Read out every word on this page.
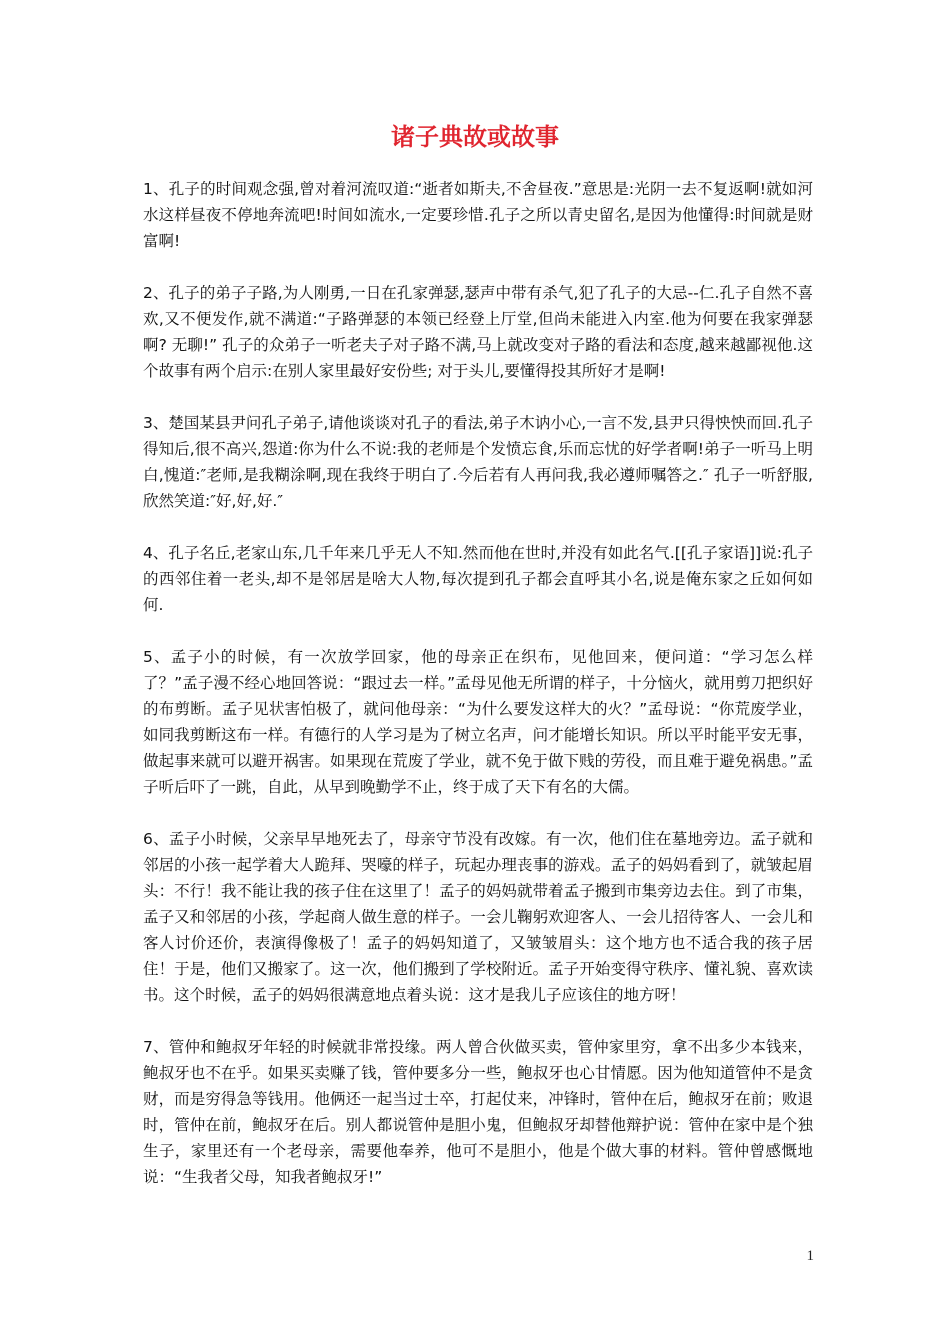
诸子典故或故事

1、孔子的时间观念强,曾对着河流叹道:“逝者如斯夫,不舍昼夜.”意思是:光阴一去不复返啊!就如河水这样昼夜不停地奔流吧!时间如流水,一定要珍惜.孔子之所以青史留名,是因为他懂得:时间就是财富啊!

2、孔子的弟子子路,为人刚勇,一日在孔家弹瑟,瑟声中带有杀气,犯了孔子的大忌--仁.孔子自然不喜欢,又不便发作,就不满道:“子路弹瑟的本领已经登上厅堂,但尚未能进入内室.他为何要在我家弹瑟啊? 无聊!” 孔子的众弟子一听老夫子对子路不满,马上就改变对子路的看法和态度,越来越鄙视他.这个故事有两个启示:在别人家里最好安份些; 对于头儿,要懂得投其所好才是啊!

3、楚国某县尹问孔子弟子,请他谈谈对孔子的看法,弟子木讷小心,一言不发,县尹只得怏怏而回.孔子得知后,很不高兴,怨道:你为什么不说:我的老师是个发愤忘食,乐而忘忧的好学者啊!弟子一听马上明白,愧道:″老师,是我糊涂啊,现在我终于明白了.今后若有人再问我,我必遵师嘱答之.″ 孔子一听舒服,欣然笑道:″好,好,好.″

4、孔子名丘,老家山东,几千年来几乎无人不知.然而他在世时,并没有如此名气.[[孔子家语]]说:孔子的西邻住着一老头,却不是邻居是啥大人物,每次提到孔子都会直呼其小名,说是俺东家之丘如何如何.

5、孟子小的时候，有一次放学回家，他的母亲正在织布，见他回来，便问道：“学习怎么样了？”孟子漫不经心地回答说：“跟过去一样。”孟母见他无所谓的样子，十分恼火，就用剪刀把织好的布剪断。孟子见状害怕极了，就问他母亲：“为什么要发这样大的火？”孟母说：“你荒废学业，如同我剪断这布一样。有德行的人学习是为了树立名声，问才能增长知识。所以平时能平安无事，做起事来就可以避开祸害。如果现在荒废了学业，就不免于做下贱的劳役，而且难于避免祸患。”孟子听后吓了一跳，自此，从早到晚勤学不止，终于成了天下有名的大儒。

6、孟子小时候，父亲早早地死去了，母亲守节没有改嫁。有一次，他们住在墓地旁边。孟子就和邻居的小孩一起学着大人跪拜、哭嚎的样子，玩起办理丧事的游戏。孟子的妈妈看到了，就皱起眉头：不行！我不能让我的孩子住在这里了！孟子的妈妈就带着孟子搬到市集旁边去住。到了市集，孟子又和邻居的小孩，学起商人做生意的样子。一会儿鞠躬欢迎客人、一会儿招待客人、一会儿和客人讨价还价，表演得像极了！孟子的妈妈知道了，又皱皱眉头：这个地方也不适合我的孩子居住！于是，他们又搬家了。这一次，他们搬到了学校附近。孟子开始变得守秩序、懂礼貌、喜欢读书。这个时候，孟子的妈妈很满意地点着头说：这才是我儿子应该住的地方呀！

7、管仲和鲍叔牙年轻的时候就非常投缘。两人曾合伙做买卖，管仲家里穷，拿不出多少本钱来，鲍叔牙也不在乎。如果买卖赚了钱，管仲要多分一些，鲍叔牙也心甘情愿。因为他知道管仲不是贪财，而是穷得急等钱用。他俩还一起当过士卒，打起仗来，冲锋时，管仲在后，鲍叔牙在前；败退时，管仲在前，鲍叔牙在后。别人都说管仲是胆小鬼，但鲍叔牙却替他辩护说：管仲在家中是个独生子，家里还有一个老母亲，需要他奉养，他可不是胆小，他是个做大事的材料。管仲曾感慨地说：“生我者父母，知我者鲍叔牙!”

1
